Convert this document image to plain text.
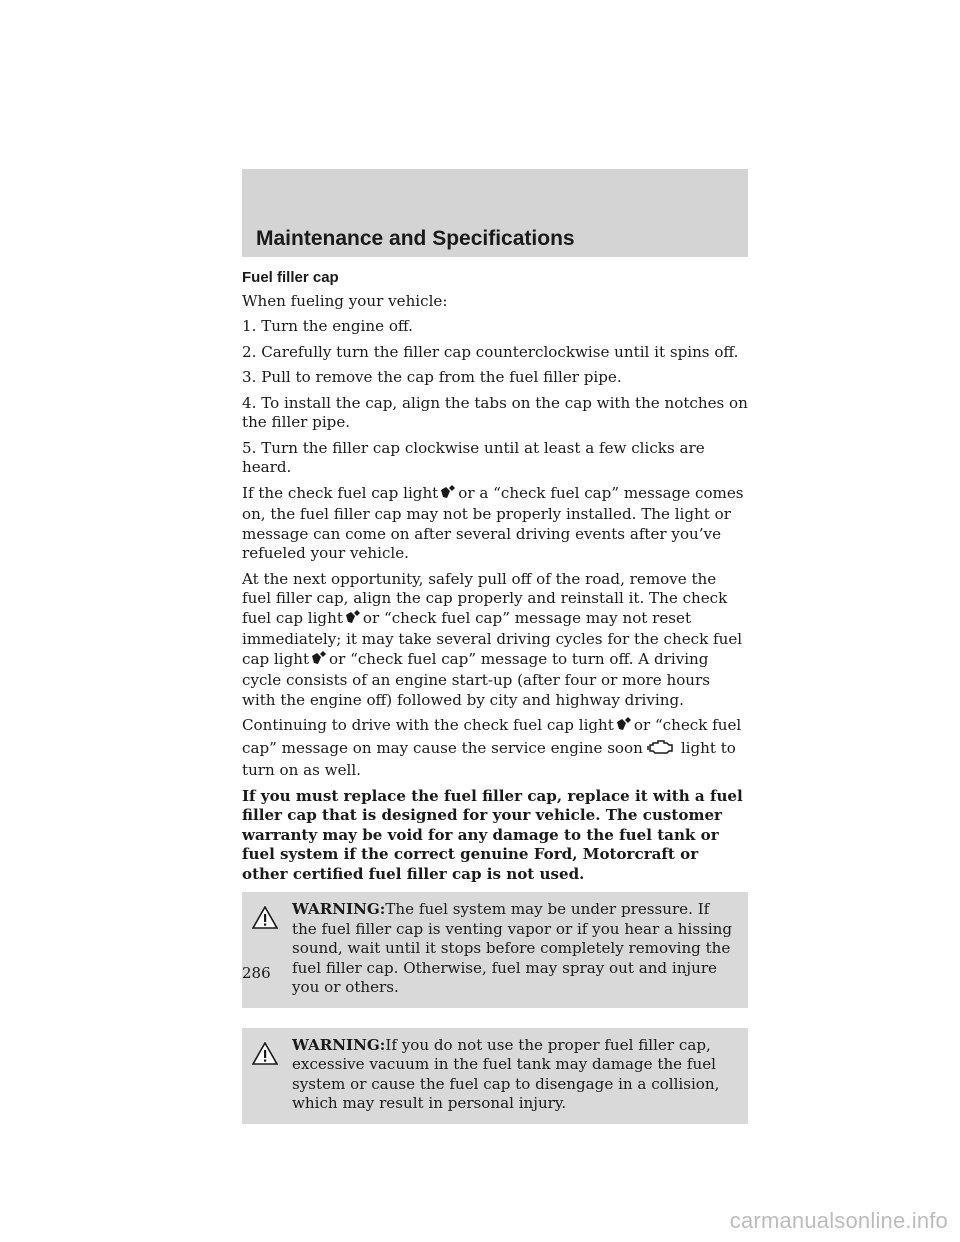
Maintenance and Specifications

Fuel filler cap

When fueling your vehicle:

1. Turn the engine off.

2. Carefully turn the filler cap counterclockwise until it spins off.

3. Pull to remove the cap from the fuel filler pipe.

4. To install the cap, align the tabs on the cap with the notches on the filler pipe.

5. Turn the filler cap clockwise until at least a few clicks are heard.

If the check fuel cap light or a “check fuel cap” message comes on, the fuel filler cap may not be properly installed. The light or message can come on after several driving events after you’ve refueled your vehicle.

At the next opportunity, safely pull off of the road, remove the fuel filler cap, align the cap properly and reinstall it. The check fuel cap light or “check fuel cap” message may not reset immediately; it may take several driving cycles for the check fuel cap light or “check fuel cap” message to turn off. A driving cycle consists of an engine start-up (after four or more hours with the engine off) followed by city and highway driving.

Continuing to drive with the check fuel cap light or “check fuel cap” message on may cause the service engine soon	light to turn on as well.

If you must replace the fuel filler cap, replace it with a fuel filler cap that is designed for your vehicle. The customer warranty may be void for any damage to the fuel tank or fuel system if the correct genuine Ford, Motorcraft or other certified fuel filler cap is not used.

WARNING:The fuel system may be under pressure. If the fuel filler cap is venting vapor or if you hear a hissing sound, wait until it stops before completely removing the fuel filler cap. Otherwise, fuel may spray out and injure you or others.

WARNING:If you do not use the proper fuel filler cap, excessive vacuum in the fuel tank may damage the fuel system or cause the fuel cap to disengage in a collision, which may result in personal injury.

286
carmanualsonline.info
